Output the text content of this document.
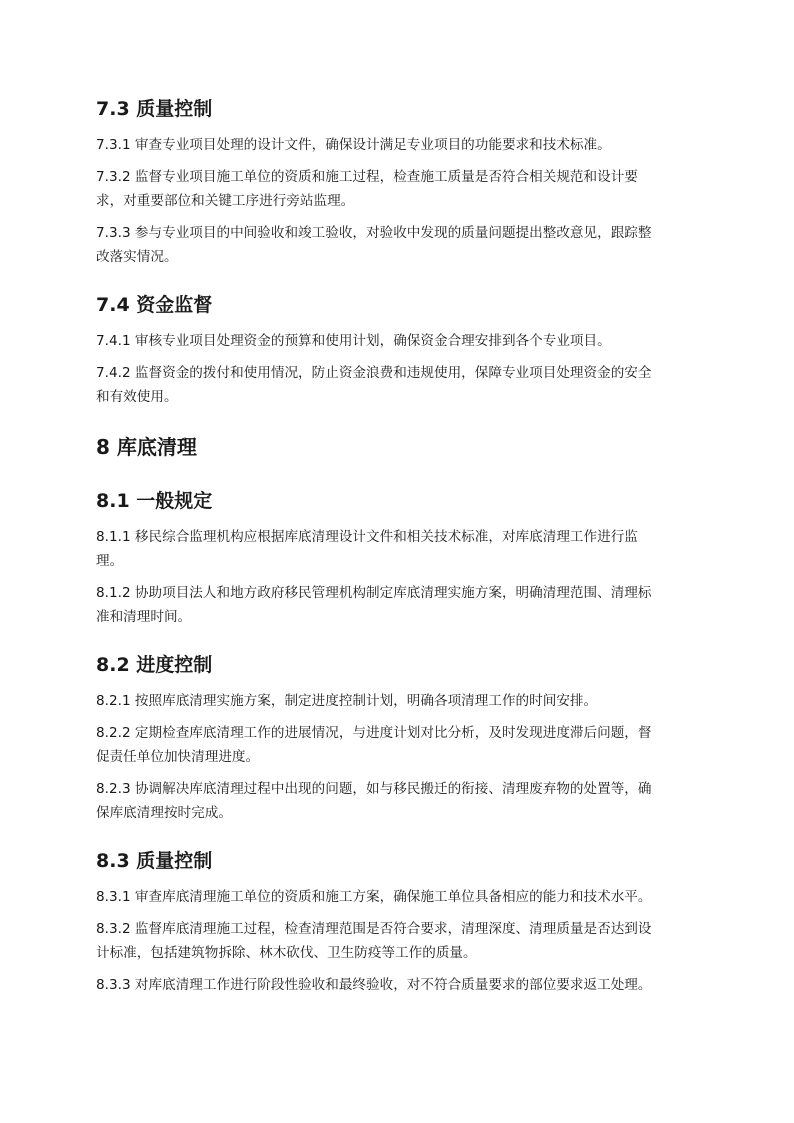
7.3 质量控制
7.3.1 审查专业项目处理的设计文件，确保设计满足专业项目的功能要求和技术标准。
7.3.2 监督专业项目施工单位的资质和施工过程，检查施工质量是否符合相关规范和设计要
求，对重要部位和关键工序进行旁站监理。
7.3.3 参与专业项目的中间验收和竣工验收，对验收中发现的质量问题提出整改意见，跟踪整
改落实情况。
7.4 资金监督
7.4.1 审核专业项目处理资金的预算和使用计划，确保资金合理安排到各个专业项目。
7.4.2 监督资金的拨付和使用情况，防止资金浪费和违规使用，保障专业项目处理资金的安全
和有效使用。
8 库底清理
8.1 一般规定
8.1.1 移民综合监理机构应根据库底清理设计文件和相关技术标准，对库底清理工作进行监
理。
8.1.2 协助项目法人和地方政府移民管理机构制定库底清理实施方案，明确清理范围、清理标
准和清理时间。
8.2 进度控制
8.2.1 按照库底清理实施方案，制定进度控制计划，明确各项清理工作的时间安排。
8.2.2 定期检查库底清理工作的进展情况，与进度计划对比分析，及时发现进度滞后问题，督
促责任单位加快清理进度。
8.2.3 协调解决库底清理过程中出现的问题，如与移民搬迁的衔接、清理废弃物的处置等，确
保库底清理按时完成。
8.3 质量控制
8.3.1 审查库底清理施工单位的资质和施工方案，确保施工单位具备相应的能力和技术水平。
8.3.2 监督库底清理施工过程，检查清理范围是否符合要求，清理深度、清理质量是否达到设
计标准，包括建筑物拆除、林木砍伐、卫生防疫等工作的质量。
8.3.3 对库底清理工作进行阶段性验收和最终验收，对不符合质量要求的部位要求返工处理。
